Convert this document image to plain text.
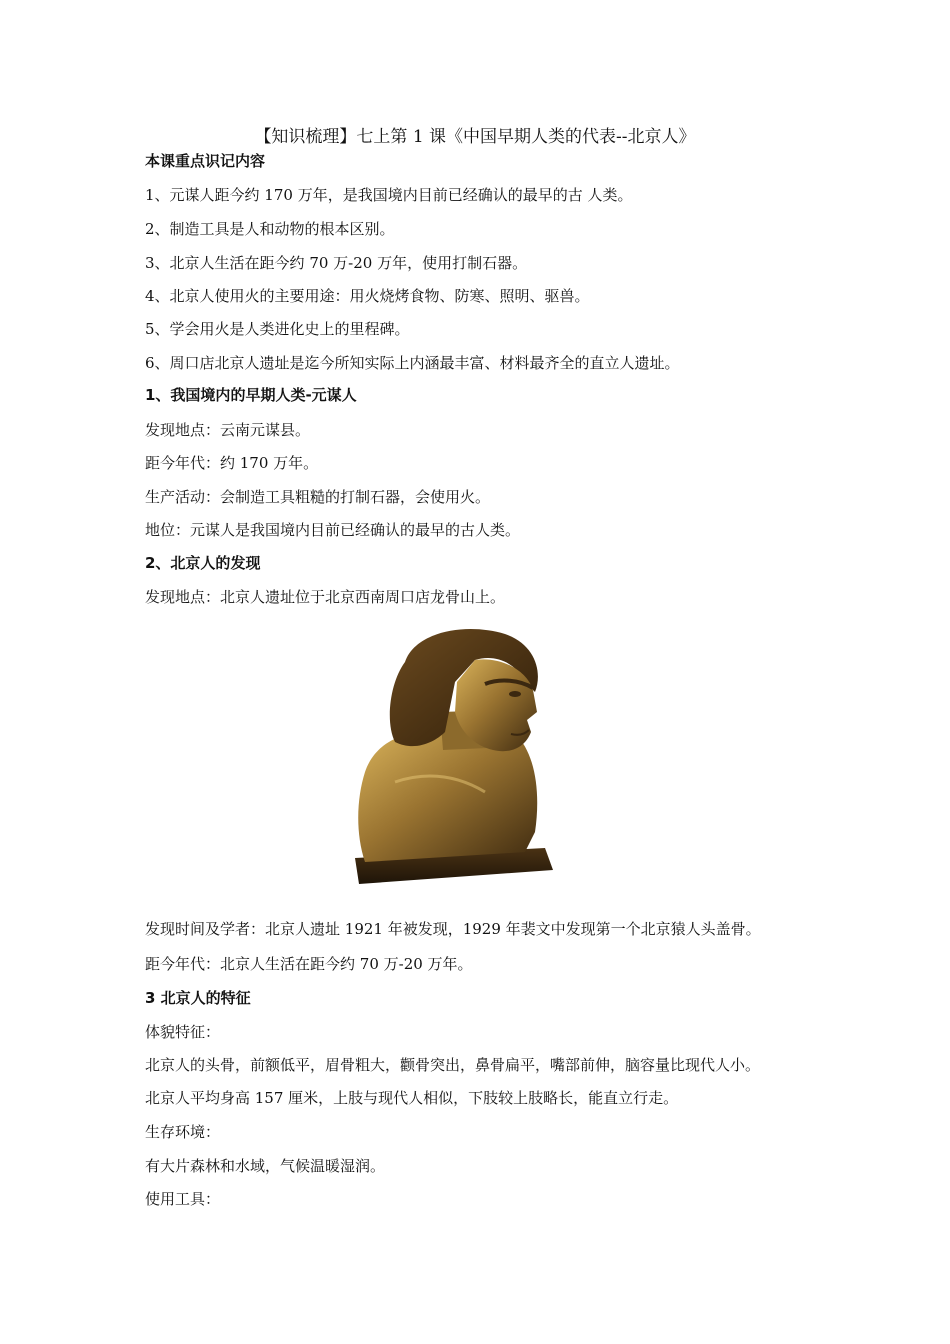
【知识梳理】七上第 1 课《中国早期人类的代表--北京人》
本课重点识记内容
1、元谋人距今约 170 万年，是我国境内目前已经确认的最早的古 人类。
2、制造工具是人和动物的根本区别。
3、北京人生活在距今约 70 万-20 万年，使用打制石器。
4、北京人使用火的主要用途：用火烧烤食物、防寒、照明、驱兽。
5、学会用火是人类进化史上的里程碑。
6、周口店北京人遗址是迄今所知实际上内涵最丰富、材料最齐全的直立人遗址。
1、我国境内的早期人类-元谋人
发现地点：云南元谋县。
距今年代：约 170 万年。
生产活动：会制造工具粗糙的打制石器，会使用火。
地位：元谋人是我国境内目前已经确认的最早的古人类。
2、北京人的发现
发现地点：北京人遗址位于北京西南周口店龙骨山上。
发现时间及学者：北京人遗址 1921 年被发现，1929 年裴文中发现第一个北京猿人头盖骨。
距今年代：北京人生活在距今约 70 万-20 万年。
3 北京人的特征
体貌特征：
北京人的头骨，前额低平，眉骨粗大，颧骨突出，鼻骨扁平，嘴部前伸，脑容量比现代人小。
北京人平均身高 157 厘米，上肢与现代人相似，下肢较上肢略长，能直立行走。
生存环境：
有大片森林和水域，气候温暖湿润。
使用工具：
